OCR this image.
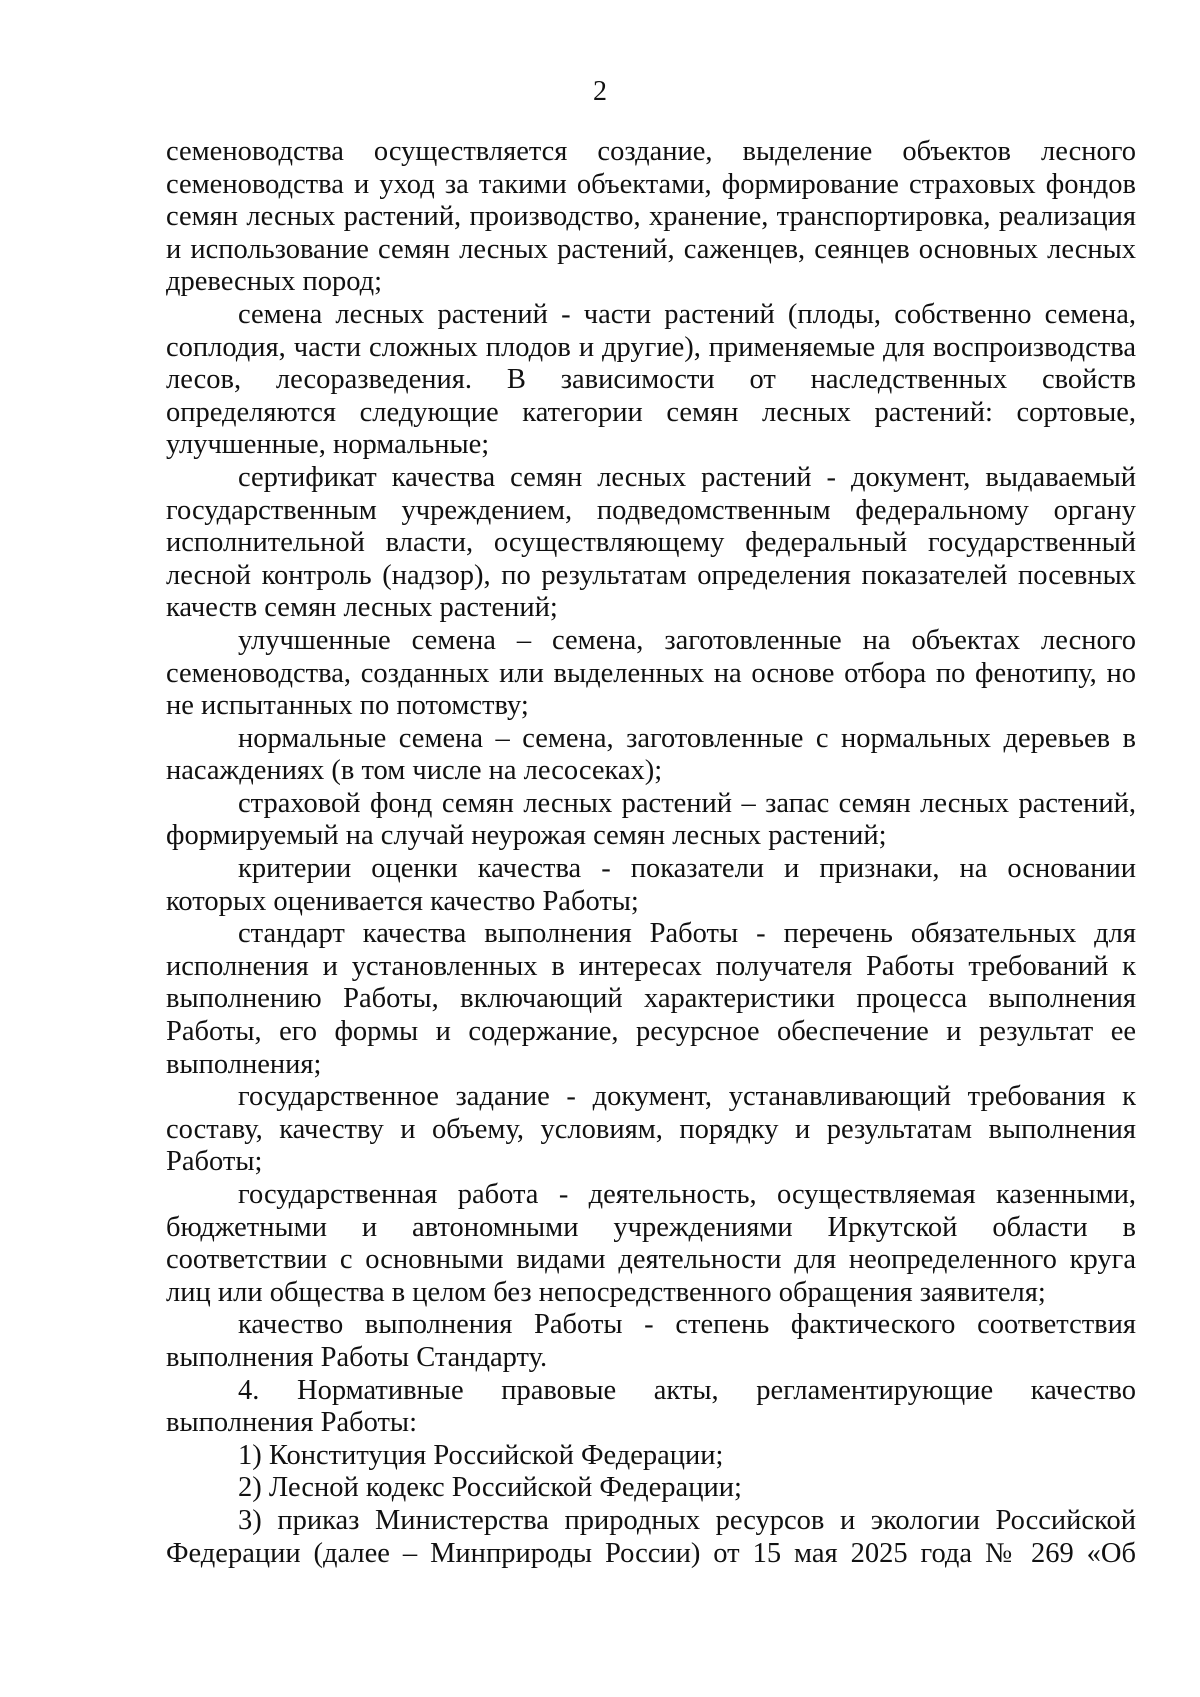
2

семеноводства осуществляется создание, выделение объектов лесного семеноводства и уход за такими объектами, формирование страховых фондов семян лесных растений, производство, хранение, транспортировка, реализация и использование семян лесных растений, саженцев, сеянцев основных лесных древесных пород;

семена лесных растений - части растений (плоды, собственно семена, соплодия, части сложных плодов и другие), применяемые для воспроизводства лесов, лесоразведения. В зависимости от наследственных свойств определяются следующие категории семян лесных растений: сортовые, улучшенные, нормальные;

сертификат качества семян лесных растений - документ, выдаваемый государственным учреждением, подведомственным федеральному органу исполнительной власти, осуществляющему федеральный государственный лесной контроль (надзор), по результатам определения показателей посевных качеств семян лесных растений;

улучшенные семена – семена, заготовленные на объектах лесного семеноводства, созданных или выделенных на основе отбора по фенотипу, но не испытанных по потомству;

нормальные семена – семена, заготовленные с нормальных деревьев в насаждениях (в том числе на лесосеках);

страховой фонд семян лесных растений – запас семян лесных растений, формируемый на случай неурожая семян лесных растений;

критерии оценки качества - показатели и признаки, на основании которых оценивается качество Работы;

стандарт качества выполнения Работы - перечень обязательных для исполнения и установленных в интересах получателя Работы требований к выполнению Работы, включающий характеристики процесса выполнения Работы, его формы и содержание, ресурсное обеспечение и результат ее выполнения;

государственное задание - документ, устанавливающий требования к составу, качеству и объему, условиям, порядку и результатам выполнения Работы;

государственная работа - деятельность, осуществляемая казенными, бюджетными и автономными учреждениями Иркутской области в соответствии с основными видами деятельности для неопределенного круга лиц или общества в целом без непосредственного обращения заявителя;

качество выполнения Работы - степень фактического соответствия выполнения Работы Стандарту.

4. Нормативные правовые акты, регламентирующие качество выполнения Работы:

1) Конституция Российской Федерации;

2) Лесной кодекс Российской Федерации;

3) приказ Министерства природных ресурсов и экологии Российской Федерации (далее – Минприроды России) от 15 мая 2025 года № 269 «Об
